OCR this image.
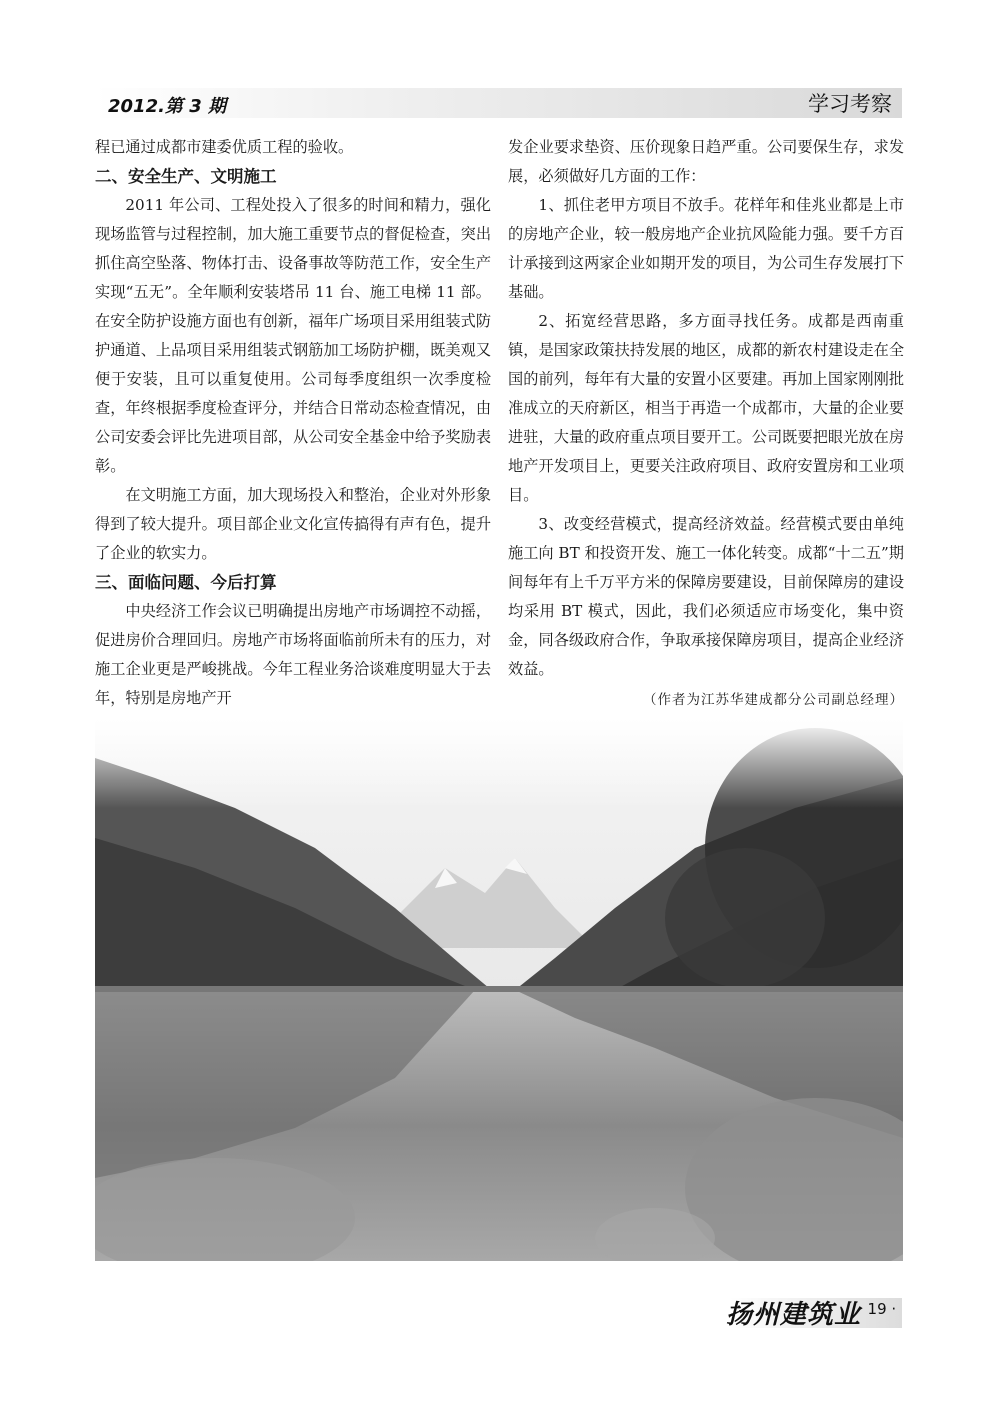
2012.第 3 期	学习考察

程已通过成都市建委优质工程的验收。

二、安全生产、文明施工

2011 年公司、工程处投入了很多的时间和精力，强化现场监管与过程控制，加大施工重要节点的督促检查，突出抓住高空坠落、物体打击、设备事故等防范工作，安全生产实现“五无”。全年顺利安装塔吊 11 台、施工电梯 11 部。在安全防护设施方面也有创新，福年广场项目采用组装式防护通道、上品项目采用组装式钢筋加工场防护棚，既美观又便于安装，且可以重复使用。公司每季度组织一次季度检查，年终根据季度检查评分，并结合日常动态检查情况，由公司安委会评比先进项目部，从公司安全基金中给予奖励表彰。

在文明施工方面，加大现场投入和整治，企业对外形象得到了较大提升。项目部企业文化宣传搞得有声有色，提升了企业的软实力。

三、面临问题、今后打算

中央经济工作会议已明确提出房地产市场调控不动摇，促进房价合理回归。房地产市场将面临前所未有的压力，对施工企业更是严峻挑战。今年工程业务洽谈难度明显大于去年，特别是房地产开

发企业要求垫资、压价现象日趋严重。公司要保生存，求发展，必须做好几方面的工作：

1、抓住老甲方项目不放手。花样年和佳兆业都是上市的房地产企业，较一般房地产企业抗风险能力强。要千方百计承接到这两家企业如期开发的项目，为公司生存发展打下基础。

2、拓宽经营思路，多方面寻找任务。成都是西南重镇，是国家政策扶持发展的地区，成都的新农村建设走在全国的前列，每年有大量的安置小区要建。再加上国家刚刚批准成立的天府新区，相当于再造一个成都市，大量的企业要进驻，大量的政府重点项目要开工。公司既要把眼光放在房地产开发项目上，更要关注政府项目、政府安置房和工业项目。

3、改变经营模式，提高经济效益。经营模式要由单纯施工向 BT 和投资开发、施工一体化转变。成都“十二五”期间每年有上千万平方米的保障房要建设，目前保障房的建设均采用 BT 模式，因此，我们必须适应市场变化，集中资金，同各级政府合作，争取承接保障房项目，提高企业经济效益。

（作者为江苏华建成都分公司副总经理）

扬州建筑业
· 19 ·
